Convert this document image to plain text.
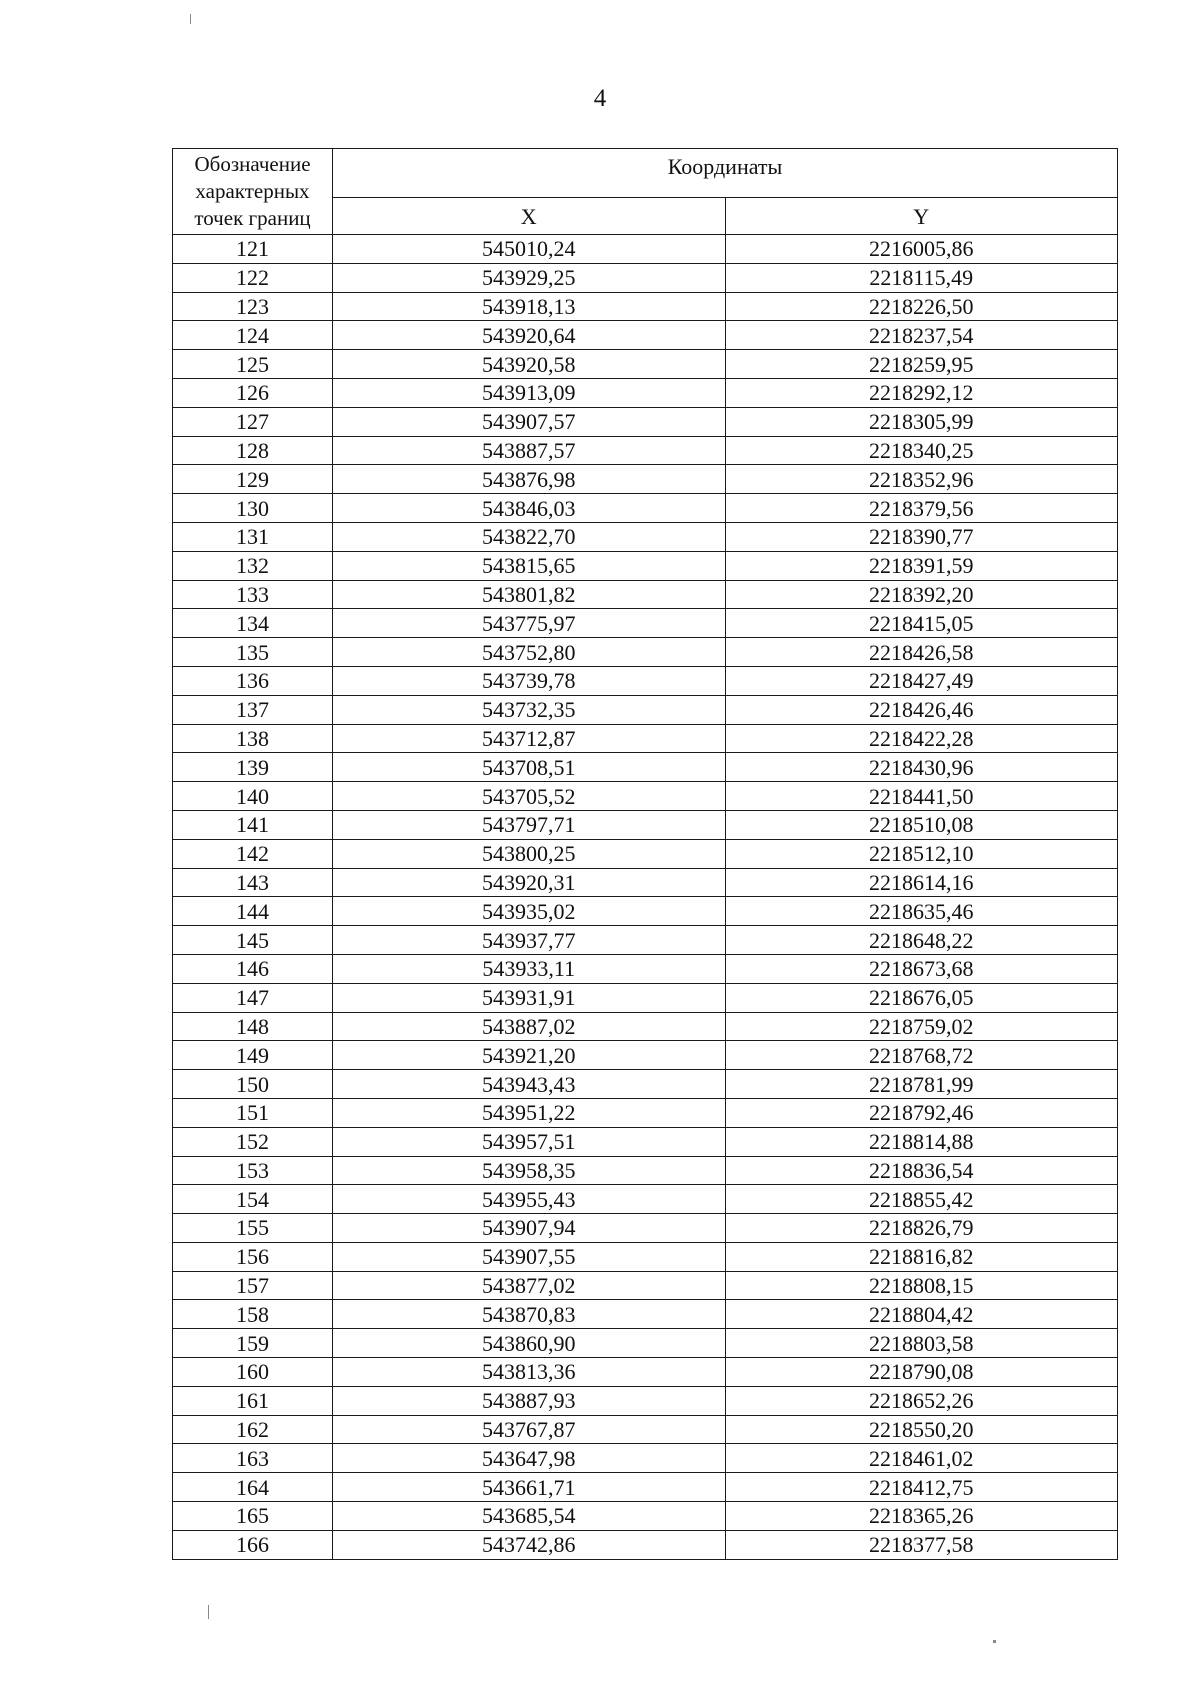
4
Обозначение характерных точек границ	Координаты	
	X	Y
121	545010,24	2216005,86
122	543929,25	2218115,49
123	543918,13	2218226,50
124	543920,64	2218237,54
125	543920,58	2218259,95
126	543913,09	2218292,12
127	543907,57	2218305,99
128	543887,57	2218340,25
129	543876,98	2218352,96
130	543846,03	2218379,56
131	543822,70	2218390,77
132	543815,65	2218391,59
133	543801,82	2218392,20
134	543775,97	2218415,05
135	543752,80	2218426,58
136	543739,78	2218427,49
137	543732,35	2218426,46
138	543712,87	2218422,28
139	543708,51	2218430,96
140	543705,52	2218441,50
141	543797,71	2218510,08
142	543800,25	2218512,10
143	543920,31	2218614,16
144	543935,02	2218635,46
145	543937,77	2218648,22
146	543933,11	2218673,68
147	543931,91	2218676,05
148	543887,02	2218759,02
149	543921,20	2218768,72
150	543943,43	2218781,99
151	543951,22	2218792,46
152	543957,51	2218814,88
153	543958,35	2218836,54
154	543955,43	2218855,42
155	543907,94	2218826,79
156	543907,55	2218816,82
157	543877,02	2218808,15
158	543870,83	2218804,42
159	543860,90	2218803,58
160	543813,36	2218790,08
161	543887,93	2218652,26
162	543767,87	2218550,20
163	543647,98	2218461,02
164	543661,71	2218412,75
165	543685,54	2218365,26
166	543742,86	2218377,58
